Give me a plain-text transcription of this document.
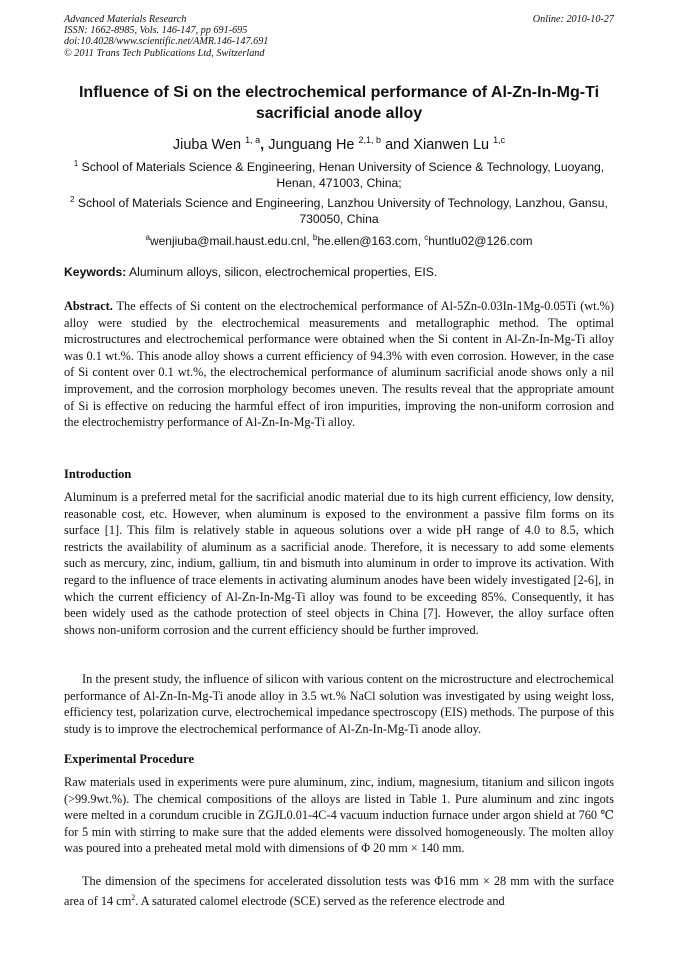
Advanced Materials Research
ISSN: 1662-8985, Vols. 146-147, pp 691-695
doi:10.4028/www.scientific.net/AMR.146-147.691
© 2011 Trans Tech Publications Ltd, Switzerland
Online: 2010-10-27
Influence of Si on the electrochemical performance of Al-Zn-In-Mg-Ti sacrificial anode alloy
Jiuba Wen $^{1, a}$, Junguang He $^{2,1, b}$ and Xianwen Lu $^{1,c}$
$^1$ School of Materials Science & Engineering, Henan University of Science & Technology, Luoyang, Henan, 471003, China;
$^2$ School of Materials Science and Engineering, Lanzhou University of Technology, Lanzhou, Gansu, 730050, China
$^a$wenjiuba@mail.haust.edu.cnl, $^b$he.ellen@163.com, $^c$huntlu02@126.com
Keywords: Aluminum alloys, silicon, electrochemical properties, EIS.
Abstract. The effects of Si content on the electrochemical performance of Al-5Zn-0.03In-1Mg-0.05Ti (wt.%) alloy were studied by the electrochemical measurements and metallographic method. The optimal microstructures and electrochemical performance were obtained when the Si content in Al-Zn-In-Mg-Ti alloy was 0.1 wt.%. This anode alloy shows a current efficiency of 94.3% with even corrosion. However, in the case of Si content over 0.1 wt.%, the electrochemical performance of aluminum sacrificial anode shows only a nil improvement, and the corrosion morphology becomes uneven. The results reveal that the appropriate amount of Si is effective on reducing the harmful effect of iron impurities, improving the non-uniform corrosion and the electrochemistry performance of Al-Zn-In-Mg-Ti alloy.
Introduction
Aluminum is a preferred metal for the sacrificial anodic material due to its high current efficiency, low density, reasonable cost, etc. However, when aluminum is exposed to the environment a passive film forms on its surface [1]. This film is relatively stable in aqueous solutions over a wide pH range of 4.0 to 8.5, which restricts the availability of aluminum as a sacrificial anode. Therefore, it is necessary to add some elements such as mercury, zinc, indium, gallium, tin and bismuth into aluminum in order to improve its activation. With regard to the influence of trace elements in activating aluminum anodes have been widely investigated [2-6], in which the current efficiency of Al-Zn-In-Mg-Ti alloy was found to be exceeding 85%. Consequently, it has been widely used as the cathode protection of steel objects in China [7]. However, the alloy surface often shows non-uniform corrosion and the current efficiency should be further improved.
In the present study, the influence of silicon with various content on the microstructure and electrochemical performance of Al-Zn-In-Mg-Ti anode alloy in 3.5 wt.% NaCl solution was investigated by using weight loss, efficiency test, polarization curve, electrochemical impedance spectroscopy (EIS) methods. The purpose of this study is to improve the electrochemical performance of Al-Zn-In-Mg-Ti anode alloy.
Experimental Procedure
Raw materials used in experiments were pure aluminum, zinc, indium, magnesium, titanium and silicon ingots (>99.9wt.%). The chemical compositions of the alloys are listed in Table 1. Pure aluminum and zinc ingots were melted in a corundum crucible in ZGJL0.01-4C-4 vacuum induction furnace under argon shield at 760 ℃ for 5 min with stirring to make sure that the added elements were dissolved homogeneously. The molten alloy was poured into a preheated metal mold with dimensions of Φ 20 mm × 140 mm.
The dimension of the specimens for accelerated dissolution tests was Φ16 mm × 28 mm with the surface area of 14 $cm^2$. A saturated calomel electrode (SCE) served as the reference electrode and
